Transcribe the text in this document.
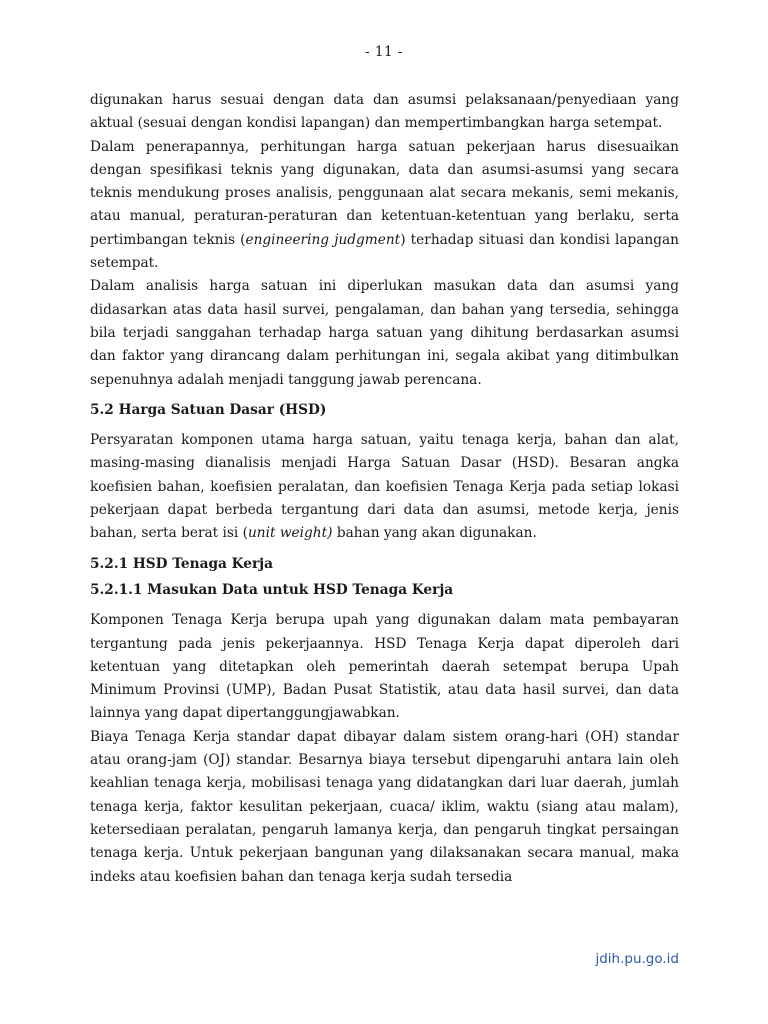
- 11 -

digunakan harus sesuai dengan data dan asumsi pelaksanaan/penyediaan yang aktual (sesuai dengan kondisi lapangan) dan mempertimbangkan harga setempat.

Dalam penerapannya, perhitungan harga satuan pekerjaan harus disesuaikan dengan spesifikasi teknis yang digunakan, data dan asumsi-asumsi yang secara teknis mendukung proses analisis, penggunaan alat secara mekanis, semi mekanis, atau manual, peraturan-peraturan dan ketentuan-ketentuan yang berlaku, serta pertimbangan teknis (engineering judgment) terhadap situasi dan kondisi lapangan setempat.

Dalam analisis harga satuan ini diperlukan masukan data dan asumsi yang didasarkan atas data hasil survei, pengalaman, dan bahan yang tersedia, sehingga bila terjadi sanggahan terhadap harga satuan yang dihitung berdasarkan asumsi dan faktor yang dirancang dalam perhitungan ini, segala akibat yang ditimbulkan sepenuhnya adalah menjadi tanggung jawab perencana.

5.2 Harga Satuan Dasar (HSD)

Persyaratan komponen utama harga satuan, yaitu tenaga kerja, bahan dan alat, masing-masing dianalisis menjadi Harga Satuan Dasar (HSD). Besaran angka koefisien bahan, koefisien peralatan, dan koefisien Tenaga Kerja pada setiap lokasi pekerjaan dapat berbeda tergantung dari data dan asumsi, metode kerja, jenis bahan, serta berat isi (unit weight) bahan yang akan digunakan.

5.2.1 HSD Tenaga Kerja
5.2.1.1 Masukan Data untuk HSD Tenaga Kerja

Komponen Tenaga Kerja berupa upah yang digunakan dalam mata pembayaran tergantung pada jenis pekerjaannya. HSD Tenaga Kerja dapat diperoleh dari ketentuan yang ditetapkan oleh pemerintah daerah setempat berupa Upah Minimum Provinsi (UMP), Badan Pusat Statistik, atau data hasil survei, dan data lainnya yang dapat dipertanggungjawabkan.

Biaya Tenaga Kerja standar dapat dibayar dalam sistem orang-hari (OH) standar atau orang-jam (OJ) standar. Besarnya biaya tersebut dipengaruhi antara lain oleh keahlian tenaga kerja, mobilisasi tenaga yang didatangkan dari luar daerah, jumlah tenaga kerja, faktor kesulitan pekerjaan, cuaca/ iklim, waktu (siang atau malam), ketersediaan peralatan, pengaruh lamanya kerja, dan pengaruh tingkat persaingan tenaga kerja. Untuk pekerjaan bangunan yang dilaksanakan secara manual, maka indeks atau koefisien bahan dan tenaga kerja sudah tersedia

jdih.pu.go.id
